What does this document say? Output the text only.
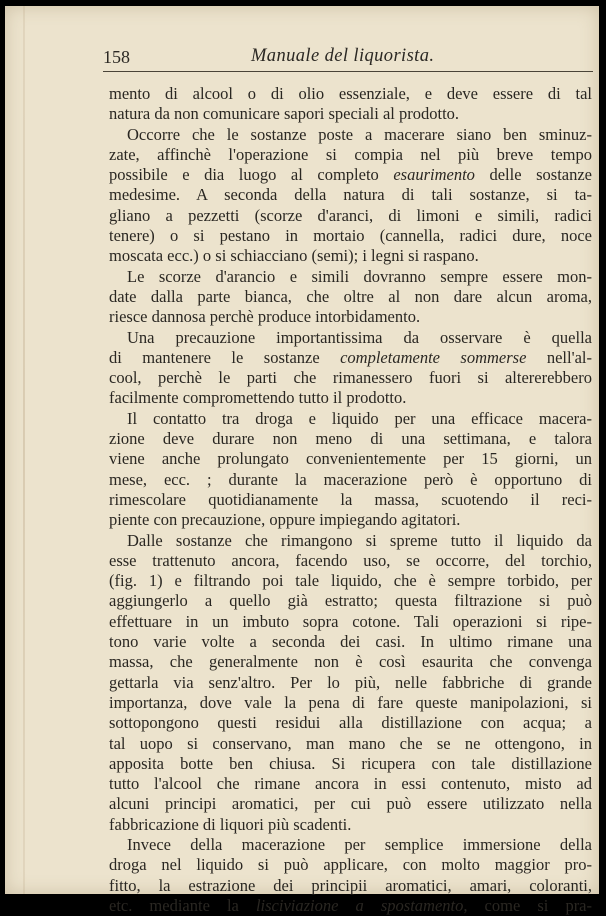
158	Manuale del liquorista.
mento di alcool o di olio essenziale, e deve essere di tal
natura da non comunicare sapori speciali al prodotto.
Occorre che le sostanze poste a macerare siano ben sminuz-
zate, affinchè l'operazione si compia nel più breve tempo
possibile e dia luogo al completo esaurimento delle sostanze
medesime. A seconda della natura di tali sostanze, si ta-
gliano a pezzetti (scorze d'aranci, di limoni e simili, radici
tenere) o si pestano in mortaio (cannella, radici dure, noce
moscata ecc.) o si schiacciano (semi); i legni si raspano.
Le scorze d'arancio e simili dovranno sempre essere mon-
date dalla parte bianca, che oltre al non dare alcun aroma,
riesce dannosa perchè produce intorbidamento.
Una precauzione importantissima da osservare è quella
di mantenere le sostanze completamente sommerse nell'al-
cool, perchè le parti che rimanessero fuori si altererebbero
facilmente compromettendo tutto il prodotto.
Il contatto tra droga e liquido per una efficace macera-
zione deve durare non meno di una settimana, e talora
viene anche prolungato convenientemente per 15 giorni, un
mese, ecc. ; durante la macerazione però è opportuno di
rimescolare quotidianamente la massa, scuotendo il reci-
piente con precauzione, oppure impiegando agitatori.
Dalle sostanze che rimangono si spreme tutto il liquido da
esse trattenuto ancora, facendo uso, se occorre, del torchio,
(fig. 1) e filtrando poi tale liquido, che è sempre torbido, per
aggiungerlo a quello già estratto; questa filtrazione si può
effettuare in un imbuto sopra cotone. Tali operazioni si ripe-
tono varie volte a seconda dei casi. In ultimo rimane una
massa, che generalmente non è così esaurita che convenga
gettarla via senz'altro. Per lo più, nelle fabbriche di grande
importanza, dove vale la pena di fare queste manipolazioni, si
sottopongono questi residui alla distillazione con acqua; a
tal uopo si conservano, man mano che se ne ottengono, in
apposita botte ben chiusa. Si ricupera con tale distillazione
tutto l'alcool che rimane ancora in essi contenuto, misto ad
alcuni principi aromatici, per cui può essere utilizzato nella
fabbricazione di liquori più scadenti.
Invece della macerazione per semplice immersione della
droga nel liquido si può applicare, con molto maggior pro-
fitto, la estrazione dei principii aromatici, amari, coloranti,
etc. mediante la lisciviazione a spostamento, come si pra-
